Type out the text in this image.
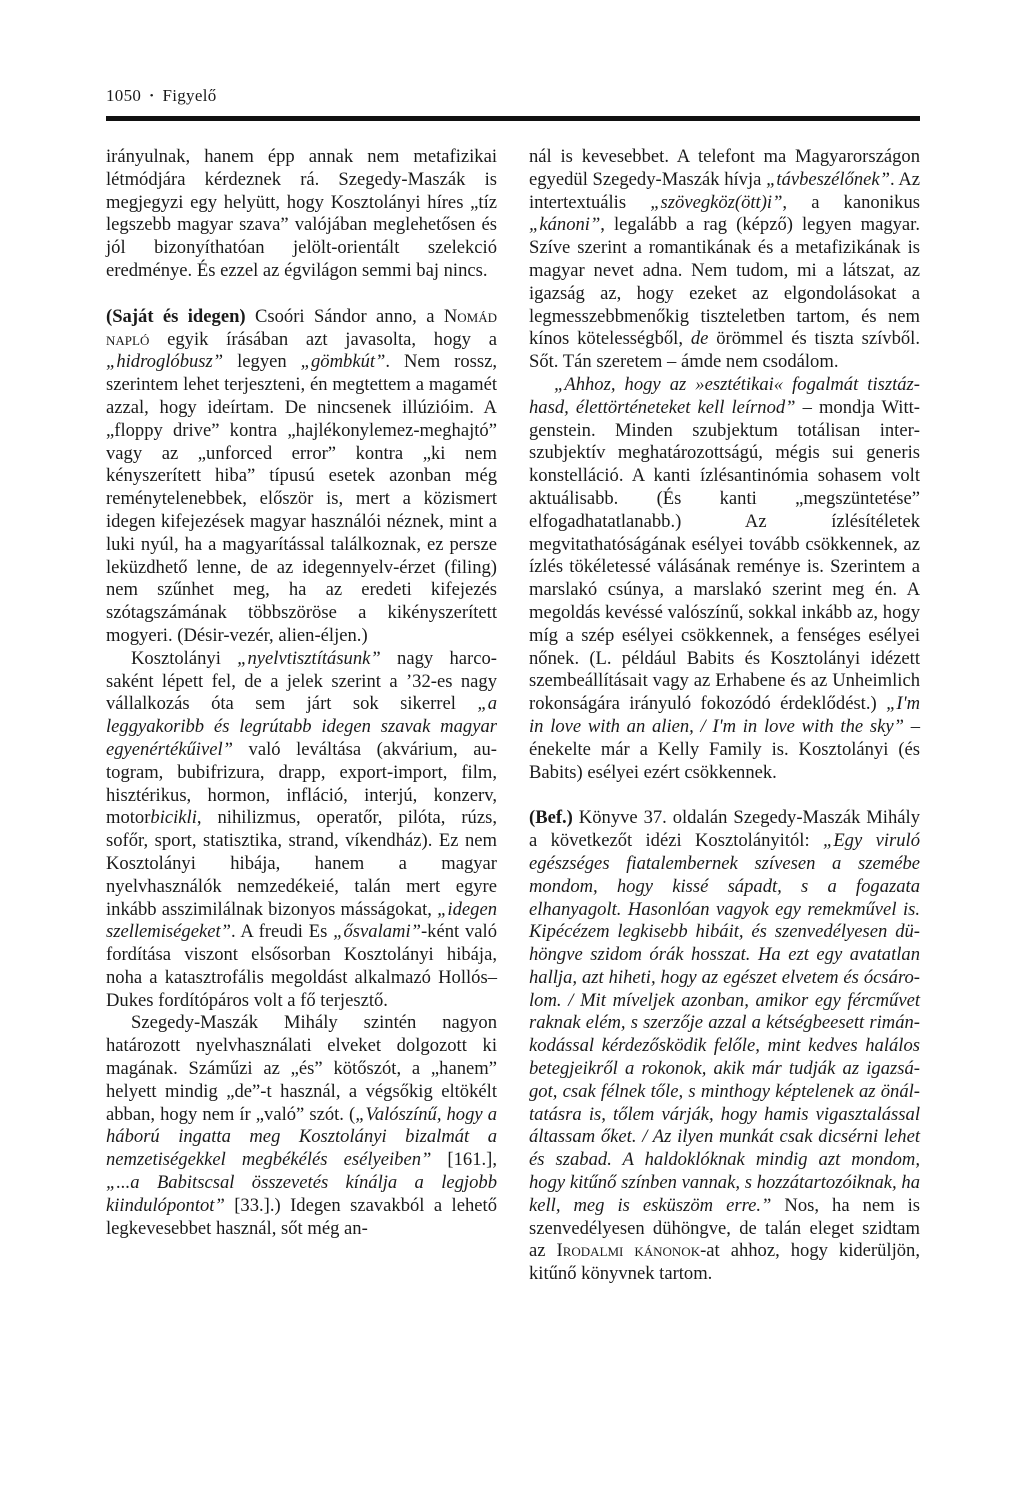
1050 • Figyelő

irányulnak, hanem épp annak nem metafizikai létmódjára kérdeznek rá. Szegedy-Maszák is megjegyzi egy helyütt, hogy Kosztolányi híres „tíz legszebb magyar szava” valójában meglehetősen és jól bizonyíthatóan jelölt-orientált szelekció eredménye. És ezzel az égvilágon semmi baj nincs.

(Saját és idegen) Csoóri Sándor anno, a Nomád napló egyik írásában azt javasolta, hogy a „hidroglóbusz” legyen „gömbkút”. Nem rossz, szerintem lehet terjeszteni, én megtettem a magamét azzal, hogy ideírtam. De nincsenek illúzióim. A „floppy drive” kontra „hajlékonylemez-meghajtó” vagy az „unforced error” kontra „ki nem kényszerített hiba” típusú esetek azonban még reménytelenebbek, először is, mert a közismert idegen kifejezések magyar használói néznek, mint a luki nyúl, ha a magyarítással találkoznak, ez persze leküzdhető lenne, de az idegennyelv-érzet (filing) nem szűnhet meg, ha az eredeti kifejezés szótagszámának többszöröse a kikényszerített mogyeri. (Désir-vezér, alien-éljen.)

Kosztolányi „nyelvtisztításunk” nagy harcosaként lépett fel, de a jelek szerint a ’32-es nagy vállalkozás óta sem járt sok sikerrel „a leggyakoribb és legrútabb idegen szavak magyar egyenértékűivel” való leváltása (akvárium, autogram, bubifrizura, drapp, export-import, film, hisztérikus, hormon, infláció, interjú, konzerv, motorbicikli, nihilizmus, operatőr, pilóta, rúzs, sofőr, sport, statisztika, strand, víkendház). Ez nem Kosztolányi hibája, hanem a magyar nyelvhasználók nemzedékeié, talán mert egyre inkább asszimilálnak bizonyos másságokat, „idegen szellemiségeket”. A freudi Es „ősvalami”-ként való fordítása viszont elsősorban Kosztolányi hibája, noha a katasztrofális megoldást alkalmazó Hollós–Dukes fordítópáros volt a fő terjesztő.

Szegedy-Maszák Mihály szintén nagyon határozott nyelvhasználati elveket dolgozott ki magának. Száműzi az „és” kötőszót, a „hanem” helyett mindig „de”-t használ, a végsőkig eltökélt abban, hogy nem ír „való” szót. („Valószínű, hogy a háború ingatta meg Kosztolányi bizalmát a nemzetiségekkel megbékélés esélyeiben” [161.], „...a Babitscsal összevetés kínálja a legjobb kiindulópontot” [33.].) Idegen szavakból a lehető legkevesebbet használ, sőt még an-

nál is kevesebbet. A telefont ma Magyarországon egyedül Szegedy-Maszák hívja „távbeszélőnek”. Az intertextuális „szövegköz(ött)i”, a kanonikus „kánoni”, legalább a rag (képző) legyen magyar. Szíve szerint a romantikának és a metafizikának is magyar nevet adna. Nem tudom, mi a látszat, az igazság az, hogy ezeket az elgondolásokat a legmesszebbmenőkig tiszteletben tartom, és nem kínos kötelességből, de örömmel és tiszta szívből. Sőt. Tán szeretem – ámde nem csodálom.

„Ahhoz, hogy az »esztétikai« fogalmát tisztázhasd, élettörténeteket kell leírnod” – mondja Wittgenstein. Minden szubjektum totálisan interszubjektív meghatározottságú, mégis sui generis konstelláció. A kanti ízlésantinómia sohasem volt aktuálisabb. (És kanti „megszüntetése” elfogadhatatlanabb.) Az ízlésítéletek megvitathatóságának esélyei tovább csökkennek, az ízlés tökéletessé válásának reménye is. Szerintem a marslakó csúnya, a marslakó szerint meg én. A megoldás kevéssé valószínű, sokkal inkább az, hogy míg a szép esélyei csökkennek, a fenséges esélyei nőnek. (L. például Babits és Kosztolányi idézett szembeállításait vagy az Erhabene és az Unheimlich rokonságára irányuló fokozódó érdeklődést.) „I'm in love with an alien, / I'm in love with the sky” – énekelte már a Kelly Family is. Kosztolányi (és Babits) esélyei ezért csökkennek.

(Bef.) Könyve 37. oldalán Szegedy-Maszák Mihály a következőt idézi Kosztolányitól: „Egy viruló egészséges fiatalembernek szívesen a szemébe mondom, hogy kissé sápadt, s a fogazata elhanyagolt. Hasonlóan vagyok egy remekművel is. Kipécézem legkisebb hibáit, és szenvedélyesen dühöngve szidom órák hosszat. Ha ezt egy avatatlan hallja, azt hiheti, hogy az egészet elvetem és ócsárolom. / Mit míveljek azonban, amikor egy fércművet raknak elém, s szerzője azzal a kétségbeesett rimánkodással kérdezősködik felőle, mint kedves halálos betegjeikről a rokonok, akik már tudják az igazságot, csak félnek tőle, s minthogy képtelenek az önáltatásra is, tőlem várják, hogy hamis vigasztalással áltassam őket. / Az ilyen munkát csak dicsérni lehet és szabad. A haldoklóknak mindig azt mondom, hogy kitűnő színben vannak, s hozzátartozóiknak, ha kell, meg is esküszöm erre.” Nos, ha nem is szenvedélyesen dühöngve, de talán eleget szidtam az Irodalmi kánonok-at ahhoz, hogy kiderüljön, kitűnő könyvnek tartom.
